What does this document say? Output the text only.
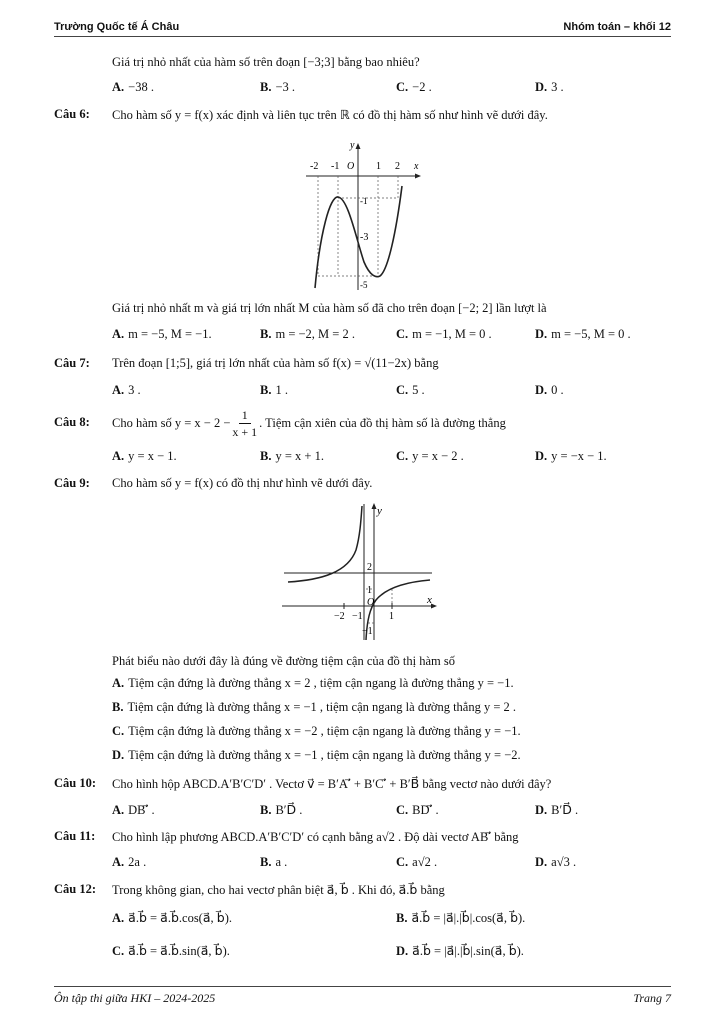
Trường Quốc tế Á Châu	Nhóm toán – khối 12
Giá trị nhỏ nhất của hàm số trên đoạn [−3;3] bằng bao nhiêu?
A. −38 .	B. −3 .	C. −2 .	D. 3 .
Câu 6: Cho hàm số y = f(x) xác định và liên tục trên ℝ có đồ thị hàm số như hình vẽ dưới đây.
-2 -1 O 1 2 x
y
-1
-3
-5
Giá trị nhỏ nhất m và giá trị lớn nhất M của hàm số đã cho trên đoạn [−2; 2] lần lượt là
A. m = −5, M = −1.	B. m = −2, M = 2 .	C. m = −1, M = 0 .	D. m = −5, M = 0 .
Câu 7: Trên đoạn [1;5], giá trị lớn nhất của hàm số f(x) = √(11−2x) bằng
A. 3 .	B. 1 .	C. 5 .	D. 0 .
Câu 8: Cho hàm số $y = x - 2 - \frac{1}{x + 1}$ . Tiệm cận xiên của đồ thị hàm số là đường thẳng
A. y = x − 1.	B. y = x + 1.	C. y = x − 2 .	D. y = −x − 1.
Câu 9: Cho hàm số y = f(x) có đồ thị như hình vẽ dưới đây.
y
2
1
O	x
−2 −1	1
−1
Phát biểu nào dưới đây là đúng về đường tiệm cận của đồ thị hàm số
A. Tiệm cận đứng là đường thẳng x = 2 , tiệm cận ngang là đường thẳng y = −1.
B. Tiệm cận đứng là đường thẳng x = −1 , tiệm cận ngang là đường thẳng y = 2 .
C. Tiệm cận đứng là đường thẳng x = −2 , tiệm cận ngang là đường thẳng y = −1.
D. Tiệm cận đứng là đường thẳng x = −1 , tiệm cận ngang là đường thẳng y = −2.
Câu 10: Cho hình hộp ABCD.A′B′C′D′ . Vectơ v⃗ = B′A′⃗ + B′C′⃗ + B′B⃗ bằng vectơ nào dưới đây?
A. DB′⃗ .	B. B′D⃗ .	C. BD′⃗ .	D. B′D⃗ .
Câu 11: Cho hình lập phương ABCD.A′B′C′D′ có cạnh bằng a√2 . Độ dài vectơ AB′⃗ bằng
A. 2a .	B. a .	C. a√2 .	D. a√3 .
Câu 12: Trong không gian, cho hai vectơ phân biệt a⃗, b⃗ . Khi đó, a⃗.b⃗ bằng
A. a⃗.b⃗ = a⃗.b⃗.cos(a⃗, b⃗).	B. a⃗.b⃗ = |a⃗|.|b⃗|.cos(a⃗, b⃗).
C. a⃗.b⃗ = a⃗.b⃗.sin(a⃗, b⃗).	D. a⃗.b⃗ = |a⃗|.|b⃗|.sin(a⃗, b⃗).
Ôn tập thi giữa HKI – 2024-2025	Trang 7
